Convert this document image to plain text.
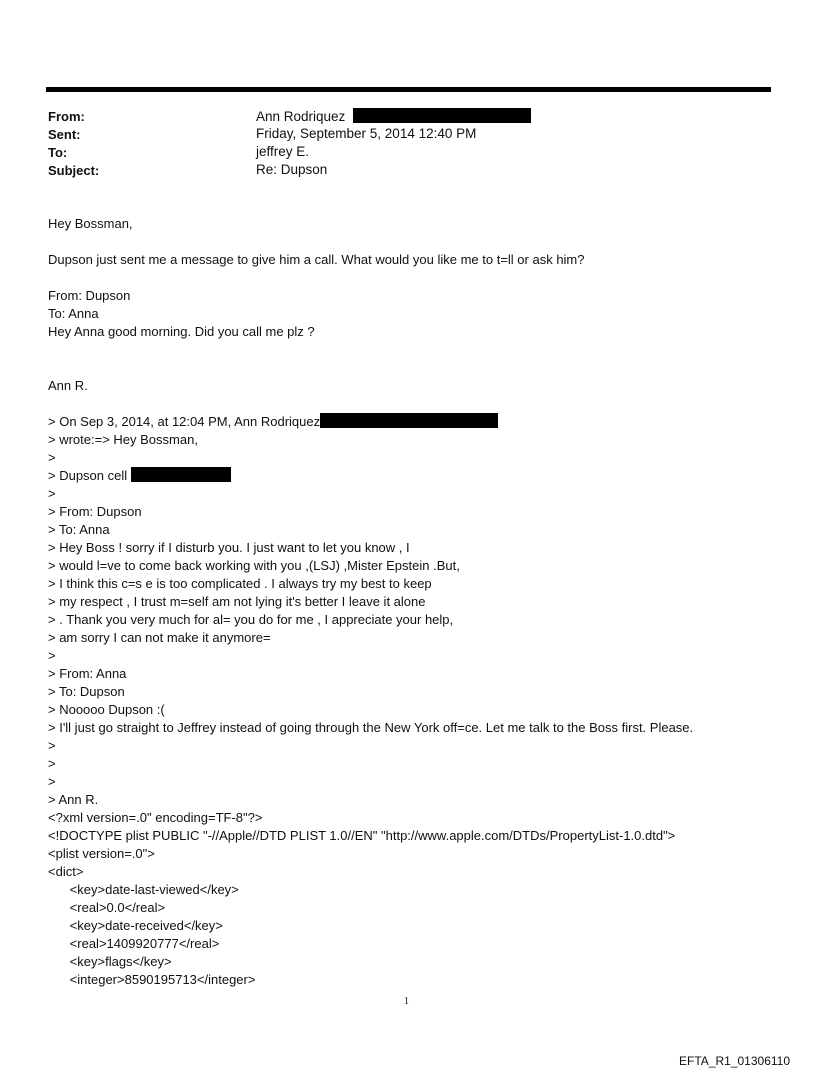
From:	Ann Rodriquez
Sent:	Friday, September 5, 2014 12:40 PM
To:	jeffrey E.
Subject:	Re: Dupson
Hey Bossman,
Dupson just sent me a message to give him a call. What would you like me to t=ll or ask him?
From: Dupson
To: Anna
Hey Anna good morning. Did you call me plz ?
Ann R.
> On Sep 3, 2014, at 12:04 PM, Ann Rodriquez
> wrote:=> Hey Bossman,
>
> Dupson cell
>
> From: Dupson
> To: Anna
> Hey Boss ! sorry if I disturb you. I just want to let you know , I
> would l=ve to come back working with you ,(LSJ) ,Mister Epstein .But,
> I think this c=s e is too complicated . I always try my best to keep
> my respect , I trust m=self am not lying it's better I leave it alone
> . Thank you very much for al= you do for me , I appreciate your help,
> am sorry I can not make it anymore=
>
> From: Anna
> To: Dupson
> Nooooo Dupson :(
> I'll just go straight to Jeffrey instead of going through the New York off=ce. Let me talk to the Boss first. Please.
>
>
>
> Ann R.
<?xml version=.0" encoding=TF-8"?>
<!DOCTYPE plist PUBLIC "-//Apple//DTD PLIST 1.0//EN" "http://www.apple.com/DTDs/PropertyList-1.0.dtd">
<plist version=.0">
<dict>
	<key>date-last-viewed</key>
	<real>0.0</real>
	<key>date-received</key>
	<real>1409920777</real>
	<key>flags</key>
	<integer>8590195713</integer>
1
EFTA_R1_01306110
